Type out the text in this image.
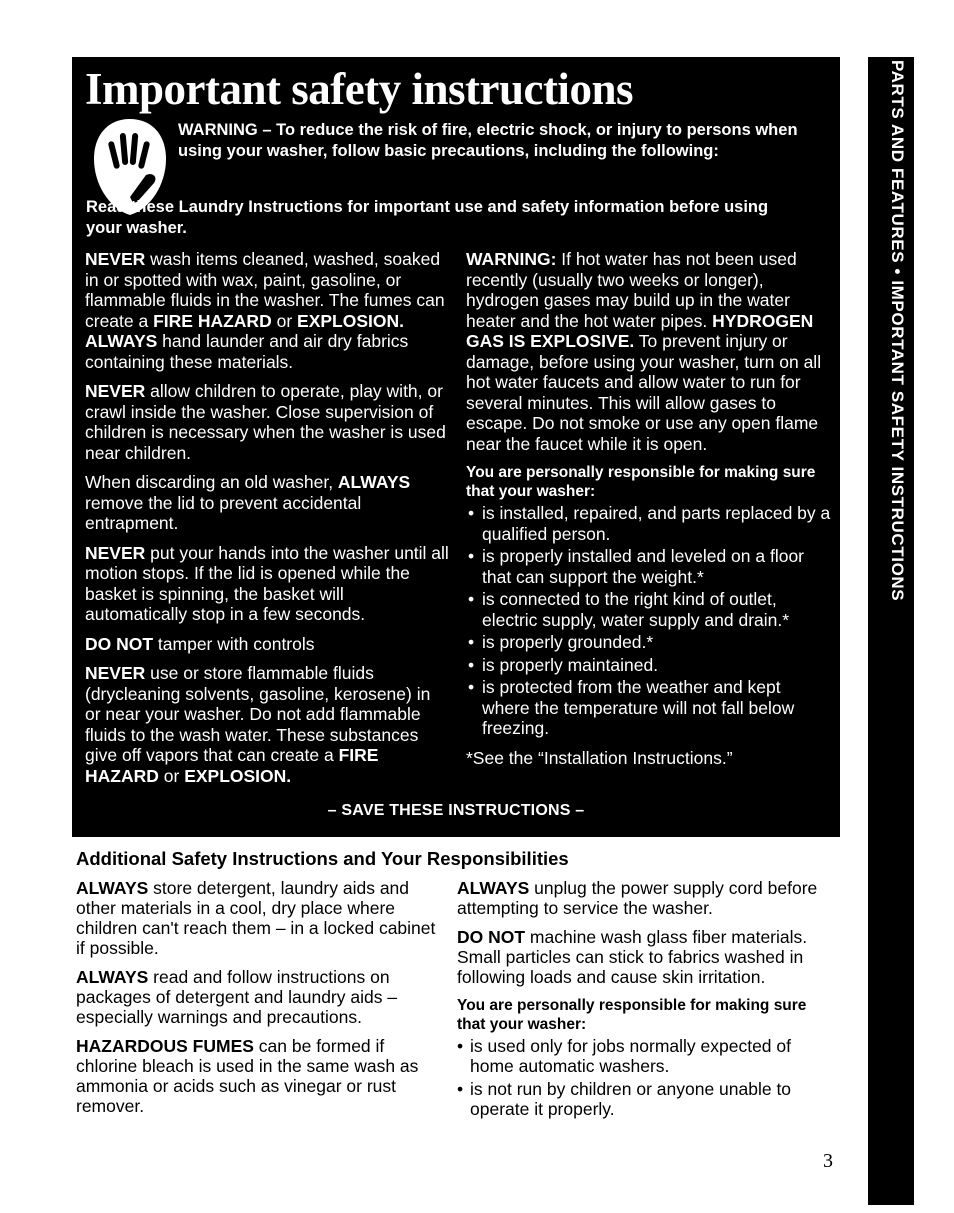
PARTS AND FEATURES • IMPORTANT SAFETY INSTRUCTIONS
Important safety instructions
WARNING – To reduce the risk of fire, electric shock, or injury to persons when using your washer, follow basic precautions, including the following:
Read these Laundry Instructions for important use and safety information before using your washer.

NEVER wash items cleaned, washed, soaked in or spotted with wax, paint, gasoline, or flammable fluids in the washer. The fumes can create a FIRE HAZARD or EXPLOSION. ALWAYS hand launder and air dry fabrics containing these materials.

NEVER allow children to operate, play with, or crawl inside the washer. Close supervision of children is necessary when the washer is used near children.

When discarding an old washer, ALWAYS remove the lid to prevent accidental entrapment.

NEVER put your hands into the washer until all motion stops. If the lid is opened while the basket is spinning, the basket will automatically stop in a few seconds.

DO NOT tamper with controls

NEVER use or store flammable fluids (drycleaning solvents, gasoline, kerosene) in or near your washer. Do not add flammable fluids to the wash water. These substances give off vapors that can create a FIRE HAZARD or EXPLOSION.

WARNING: If hot water has not been used recently (usually two weeks or longer), hydrogen gases may build up in the water heater and the hot water pipes. HYDROGEN GAS IS EXPLOSIVE. To prevent injury or damage, before using your washer, turn on all hot water faucets and allow water to run for several minutes. This will allow gases to escape. Do not smoke or use any open flame near the faucet while it is open.

You are personally responsible for making sure that your washer:

• is installed, repaired, and parts replaced by a qualified person.
• is properly installed and leveled on a floor that can support the weight.*
• is connected to the right kind of outlet, electric supply, water supply and drain.*
• is properly grounded.*
• is properly maintained.
• is protected from the weather and kept where the temperature will not fall below freezing.

*See the “Installation Instructions.”

– SAVE THESE INSTRUCTIONS –
Additional Safety Instructions and Your Responsibilities

ALWAYS store detergent, laundry aids and other materials in a cool, dry place where children can't reach them – in a locked cabinet if possible.

ALWAYS read and follow instructions on packages of detergent and laundry aids – especially warnings and precautions.

HAZARDOUS FUMES can be formed if chlorine bleach is used in the same wash as ammonia or acids such as vinegar or rust remover.

ALWAYS unplug the power supply cord before attempting to service the washer.

DO NOT machine wash glass fiber materials. Small particles can stick to fabrics washed in following loads and cause skin irritation.

You are personally responsible for making sure that your washer:

• is used only for jobs normally expected of home automatic washers.
• is not run by children or anyone unable to operate it properly.
3
